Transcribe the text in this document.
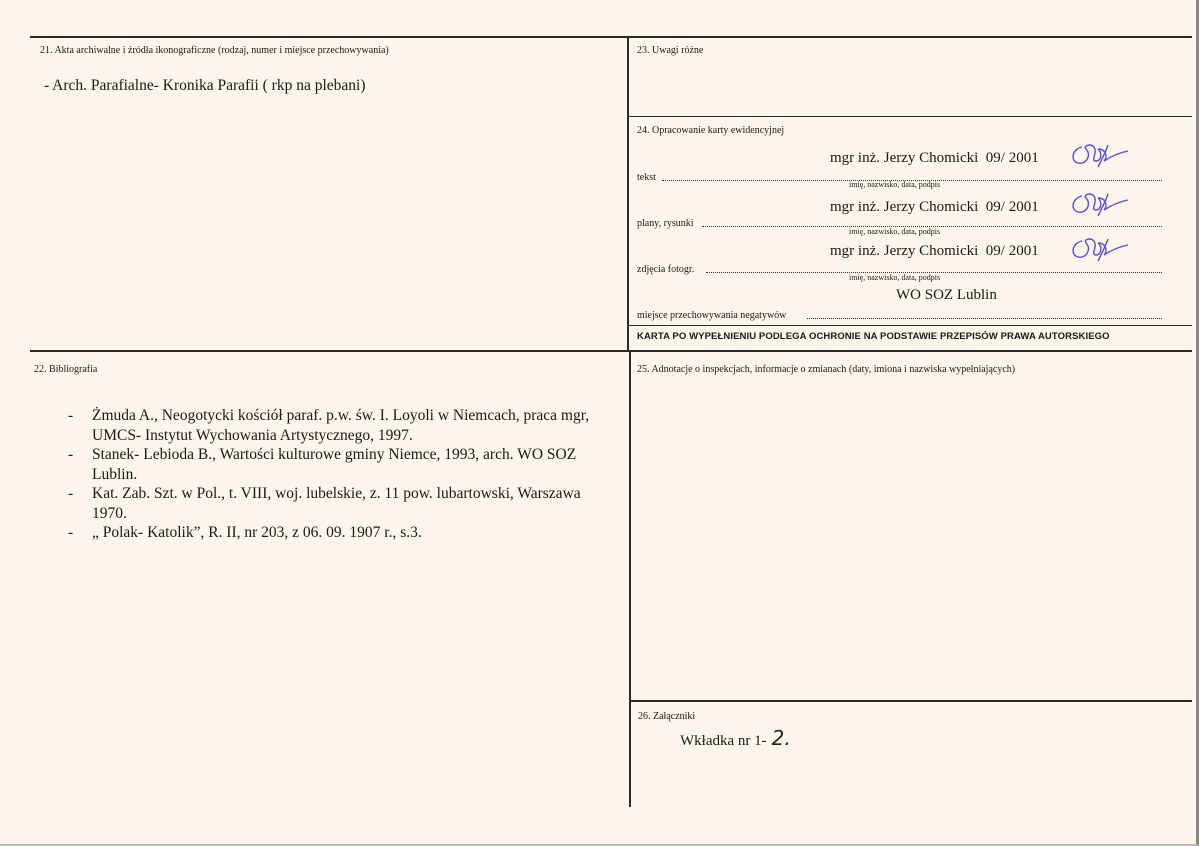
21. Akta archiwalne i źródła ikonograficzne (rodzaj, numer i miejsce przechowywania)
- Arch. Parafialne- Kronika Parafii ( rkp na plebani)
23. Uwagi różne
24. Opracowanie karty ewidencyjnej
mgr inż. Jerzy Chomicki  09/ 2001
tekst
imię, nazwisko, data, podpis
mgr inż. Jerzy Chomicki  09/ 2001
plany, rysunki
imię, nazwisko, data, podpis
mgr inż. Jerzy Chomicki  09/ 2001
zdjęcia fotogr.
imię, nazwisko, data, podpis
WO SOZ Lublin
miejsce przechowywania negatywów
KARTA PO WYPEŁNIENIU PODLEGA OCHRONIE NA PODSTAWIE PRZEPISÓW PRAWA AUTORSKIEGO
22. Bibliografia
- Żmuda A., Neogotycki kościół paraf. p.w. św. I. Loyoli w Niemcach, praca mgr, UMCS- Instytut Wychowania Artystycznego, 1997.
- Stanek- Lebioda B., Wartości kulturowe gminy Niemce, 1993, arch. WO SOZ Lublin.
- Kat. Zab. Szt. w Pol., t. VIII, woj. lubelskie, z. 11 pow. lubartowski, Warszawa 1970.
- „ Polak- Katolik”, R. II, nr 203, z 06. 09. 1907 r., s.3.
25. Adnotacje o inspekcjach, informacje o zmianach (daty, imiona i nazwiska wypełniających)
26. Załączniki
Wkładka nr 1- 2.
